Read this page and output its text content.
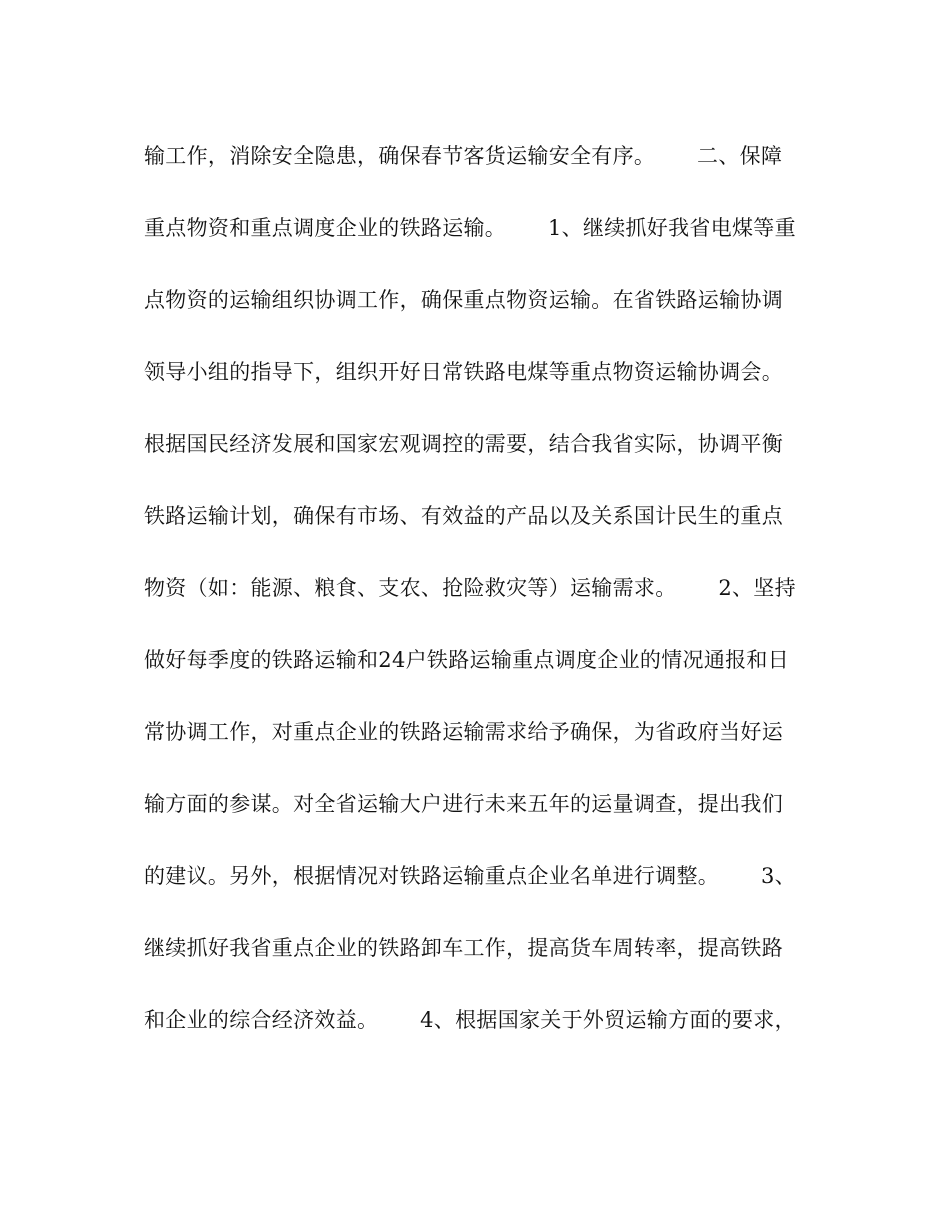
输工作，消除安全隐患，确保春节客货运输安全有序。      二、保障
重点物资和重点调度企业的铁路运输。      1、继续抓好我省电煤等重
点物资的运输组织协调工作，确保重点物资运输。在省铁路运输协调
领导小组的指导下，组织开好日常铁路电煤等重点物资运输协调会。
根据国民经济发展和国家宏观调控的需要，结合我省实际，协调平衡
铁路运输计划，确保有市场、有效益的产品以及关系国计民生的重点
物资（如：能源、粮食、支农、抢险救灾等）运输需求。      2、坚持
做好每季度的铁路运输和24户铁路运输重点调度企业的情况通报和日
常协调工作，对重点企业的铁路运输需求给予确保，为省政府当好运
输方面的参谋。对全省运输大户进行未来五年的运量调查，提出我们
的建议。另外，根据情况对铁路运输重点企业名单进行调整。      3、
继续抓好我省重点企业的铁路卸车工作，提高货车周转率，提高铁路
和企业的综合经济效益。      4、根据国家关于外贸运输方面的要求，
